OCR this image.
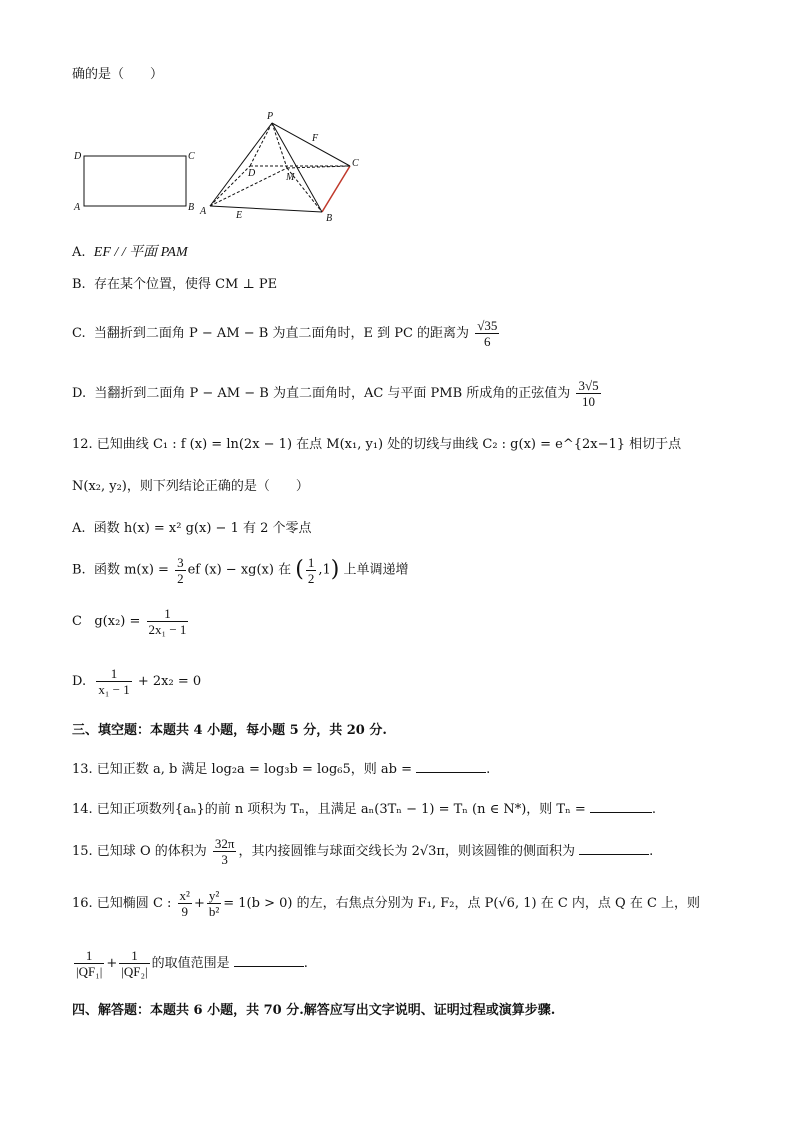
确的是（　　）
D	C
A	B
P
F
D	M
C
A	E	B
A. EF / / 平面 PAM
B. 存在某个位置，使得 CM ⊥ PE
C. 当翻折到二面角 P − AM − B 为直二面角时，E 到 PC 的距离为 $\frac{√35}{6}$
D. 当翻折到二面角 P − AM − B 为直二面角时，AC 与平面 PMB 所成角的正弦值为 $\frac{3√5}{10}$
12. 已知曲线 C₁ : f (x) = ln(2x − 1) 在点 M(x₁, y₁) 处的切线与曲线 C₂ : g(x) = e^{2x−1} 相切于点
N(x₂, y₂)，则下列结论正确的是（　　）
A. 函数 h(x) = x² g(x) − 1 有 2 个零点
B. 函数 $m(x) = \frac{3}{2}$ ef (x) − xg(x) 在 ( $\frac{1}{2} ,1$) 上单调递增
C $g(x_2) = \frac{1}{\text{2x₁ − 1}}$
D. $\frac{1}{\text{x₁ − 1}} + 2x_2 = 0$
三、填空题：本题共 4 小题，每小题 5 分，共 20 分.
13. 已知正数 a, b 满足 log₂a = log₃b = log₆5，则 ab =	.
14. 已知正项数列{aₙ}的前 n 项积为 Tₙ，且满足 aₙ(3Tₙ − 1) = Tₙ (n ∈ N*)，则 Tₙ =	.
15. 已知球 O 的体积为 $\frac{32\pi}{3}$ ，其内接圆锥与球面交线长为 2√3π，则该圆锥的侧面积为	.
16. 已知椭圆 C : $\frac{\text{x²}}{9} + \frac{\text{y²}}{\text{b²}} = 1(b > 0)$ 的左，右焦点分别为 F₁, F₂，点 P(√6, 1) 在 C 内，点 Q 在 C 上，则
$\frac{1}{\text{|QF₁|}} + \frac{1}{\text{|QF₂|}}$ 的取值范围是	.
四、解答题：本题共 6 小题，共 70 分.解答应写出文字说明、证明过程或演算步骤.
